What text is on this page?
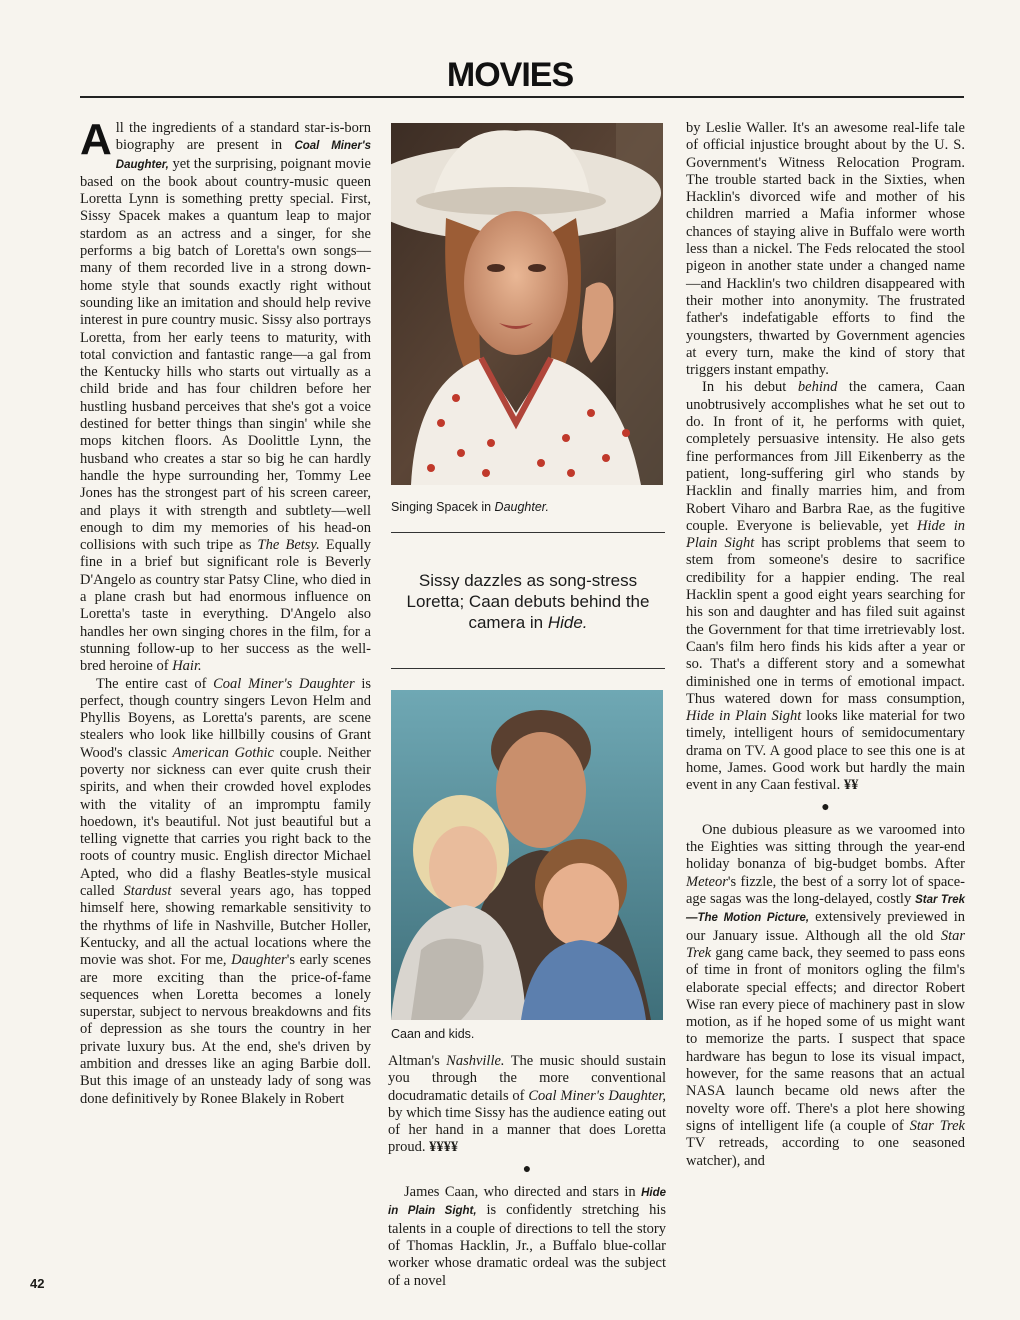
MOVIES

All the ingredients of a standard star-is-born biography are present in Coal Miner's Daughter, yet the surprising, poignant movie based on the book about country-music queen Loretta Lynn is something pretty special. First, Sissy Spacek makes a quantum leap to major stardom as an actress and a singer, for she performs a big batch of Loretta's own songs—many of them recorded live in a strong down-home style that sounds exactly right without sounding like an imitation and should help revive interest in pure country music. Sissy also portrays Loretta, from her early teens to maturity, with total conviction and fantastic range—a gal from the Kentucky hills who starts out virtually as a child bride and has four children before her hustling husband perceives that she's got a voice destined for better things than singin' while she mops kitchen floors. As Doolittle Lynn, the husband who creates a star so big he can hardly handle the hype surrounding her, Tommy Lee Jones has the strongest part of his screen career, and plays it with strength and subtlety—well enough to dim my memories of his head-on collisions with such tripe as The Betsy. Equally fine in a brief but significant role is Beverly D'Angelo as country star Patsy Cline, who died in a plane crash but had enormous influence on Loretta's taste in everything. D'Angelo also handles her own singing chores in the film, for a stunning follow-up to her success as the well-bred heroine of Hair.

The entire cast of Coal Miner's Daughter is perfect, though country singers Levon Helm and Phyllis Boyens, as Loretta's parents, are scene stealers who look like hillbilly cousins of Grant Wood's classic American Gothic couple. Neither poverty nor sickness can ever quite crush their spirits, and when their crowded hovel explodes with the vitality of an impromptu family hoedown, it's beautiful. Not just beautiful but a telling vignette that carries you right back to the roots of country music. English director Michael Apted, who did a flashy Beatles-style musical called Stardust several years ago, has topped himself here, showing remarkable sensitivity to the rhythms of life in Nashville, Butcher Holler, Kentucky, and all the actual locations where the movie was shot. For me, Daughter's early scenes are more exciting than the price-of-fame sequences when Loretta becomes a lonely superstar, subject to nervous breakdowns and fits of depression as she tours the country in her private luxury bus. At the end, she's driven by ambition and dresses like an aging Barbie doll. But this image of an unsteady lady of song was done definitively by Ronee Blakely in Robert

Singing Spacek in Daughter.
Sissy dazzles as song-stress Loretta; Caan debuts behind the camera in Hide.
Caan and kids.

Altman's Nashville. The music should sustain you through the more conventional docudramatic details of Coal Miner's Daughter, by which time Sissy has the audience eating out of her hand in a manner that does Loretta proud. ¥¥¥¥

●

James Caan, who directed and stars in Hide in Plain Sight, is confidently stretching his talents in a couple of directions to tell the story of Thomas Hacklin, Jr., a Buffalo blue-collar worker whose dramatic ordeal was the subject of a novel

by Leslie Waller. It's an awesome real-life tale of official injustice brought about by the U. S. Government's Witness Relocation Program. The trouble started back in the Sixties, when Hacklin's divorced wife and mother of his children married a Mafia informer whose chances of staying alive in Buffalo were worth less than a nickel. The Feds relocated the stool pigeon in another state under a changed name—and Hacklin's two children disappeared with their mother into anonymity. The frustrated father's indefatigable efforts to find the youngsters, thwarted by Government agencies at every turn, make the kind of story that triggers instant empathy.

In his debut behind the camera, Caan unobtrusively accomplishes what he set out to do. In front of it, he performs with quiet, completely persuasive intensity. He also gets fine performances from Jill Eikenberry as the patient, long-suffering girl who stands by Hacklin and finally marries him, and from Robert Viharo and Barbra Rae, as the fugitive couple. Everyone is believable, yet Hide in Plain Sight has script problems that seem to stem from someone's desire to sacrifice credibility for a happier ending. The real Hacklin spent a good eight years searching for his son and daughter and has filed suit against the Government for that time irretrievably lost. Caan's film hero finds his kids after a year or so. That's a different story and a somewhat diminished one in terms of emotional impact. Thus watered down for mass consumption, Hide in Plain Sight looks like material for two timely, intelligent hours of semidocumentary drama on TV. A good place to see this one is at home, James. Good work but hardly the main event in any Caan festival. ¥¥

●

One dubious pleasure as we varoomed into the Eighties was sitting through the year-end holiday bonanza of big-budget bombs. After Meteor's fizzle, the best of a sorry lot of space-age sagas was the long-delayed, costly Star Trek—The Motion Picture, extensively previewed in our January issue. Although all the old Star Trek gang came back, they seemed to pass eons of time in front of monitors ogling the film's elaborate special effects; and director Robert Wise ran every piece of machinery past in slow motion, as if he hoped some of us might want to memorize the parts. I suspect that space hardware has begun to lose its visual impact, however, for the same reasons that an actual NASA launch became old news after the novelty wore off. There's a plot here showing signs of intelligent life (a couple of Star Trek TV retreads, according to one seasoned watcher), and

42
